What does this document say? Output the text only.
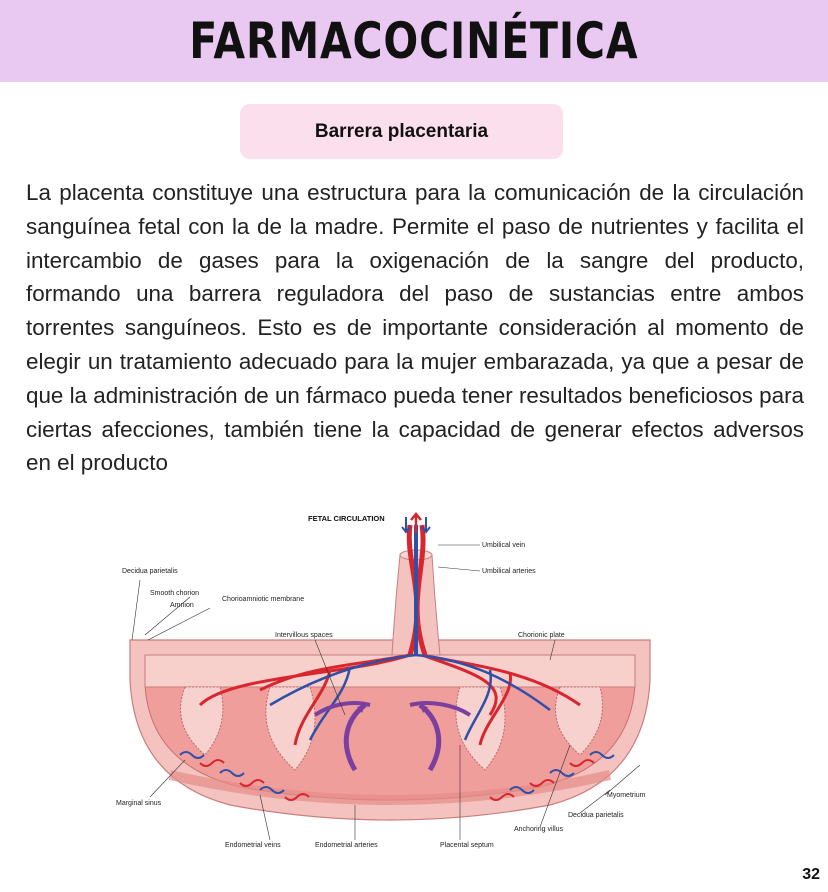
FARMACOCINÉTICA
Barrera placentaria

La placenta constituye una estructura para la comunicación de la circulación sanguínea fetal con la de la madre. Permite el paso de nutrientes y facilita el intercambio de gases para la oxigenación de la sangre del producto, formando una barrera reguladora del paso de sustancias entre ambos torrentes sanguíneos. Esto es de importante consideración al momento de elegir un tratamiento adecuado para la mujer embarazada, ya que a pesar de que la administración de un fármaco pueda tener resultados beneficiosos para ciertas afecciones, también tiene la capacidad de generar efectos adversos en el producto

FETAL CIRCULATION
Umbilical vein
Umbilical arteries
Decidua parietalis
Smooth chorion
Amnion
Chorioamniotic membrane
Intervillous spaces	Chorionic plate
Myometrium
Decidua parietalis
Anchoring villus
Marginal sinus
Endometrial veins	Endometrial arteries	Placental septum
32
